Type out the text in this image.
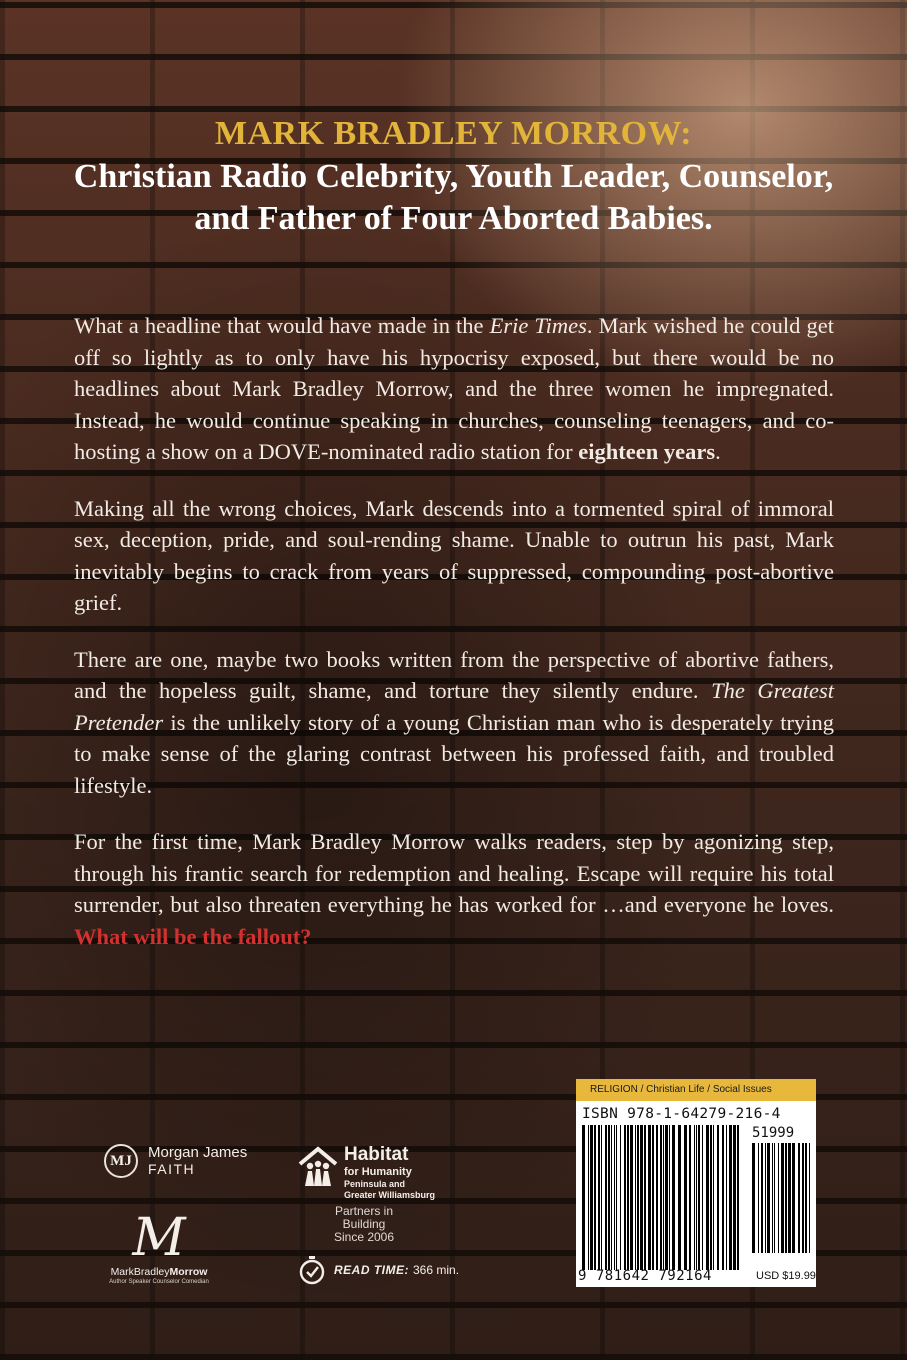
MARK BRADLEY MORROW:
Christian Radio Celebrity, Youth Leader, Counselor,
and Father of Four Aborted Babies.

What a headline that would have made in the Erie Times. Mark wished he could get off so lightly as to only have his hypocrisy exposed, but there would be no headlines about Mark Bradley Morrow, and the three women he impregnated. Instead, he would continue speaking in churches, counseling teenagers, and co-hosting a show on a DOVE-nominated radio station for eighteen years.

Making all the wrong choices, Mark descends into a tormented spiral of immoral sex, deception, pride, and soul-rending shame. Unable to outrun his past, Mark inevitably begins to crack from years of suppressed, compounding post-abortive grief.

There are one, maybe two books written from the perspective of abortive fathers, and the hopeless guilt, shame, and torture they silently endure. The Greatest Pretender is the unlikely story of a young Christian man who is desperately trying to make sense of the glaring contrast between his professed faith, and troubled lifestyle.

For the first time, Mark Bradley Morrow walks readers, step by agonizing step, through his frantic search for redemption and healing. Escape will require his total surrender, but also threaten everything he has worked for …and everyone he loves. What will be the fallout?

MJ	Morgan James
FAITH
M
MarkBradleyMorrow
Author Speaker Counselor Comedian
Habitat
for Humanity
Peninsula and
Greater Williamsburg
Partners in Building
Since 2006
READ TIME: 366 min.
RELIGION / Christian Life / Social Issues
ISBN 978-1-64279-216-4
51999
9 781642 792164	USD $19.99
